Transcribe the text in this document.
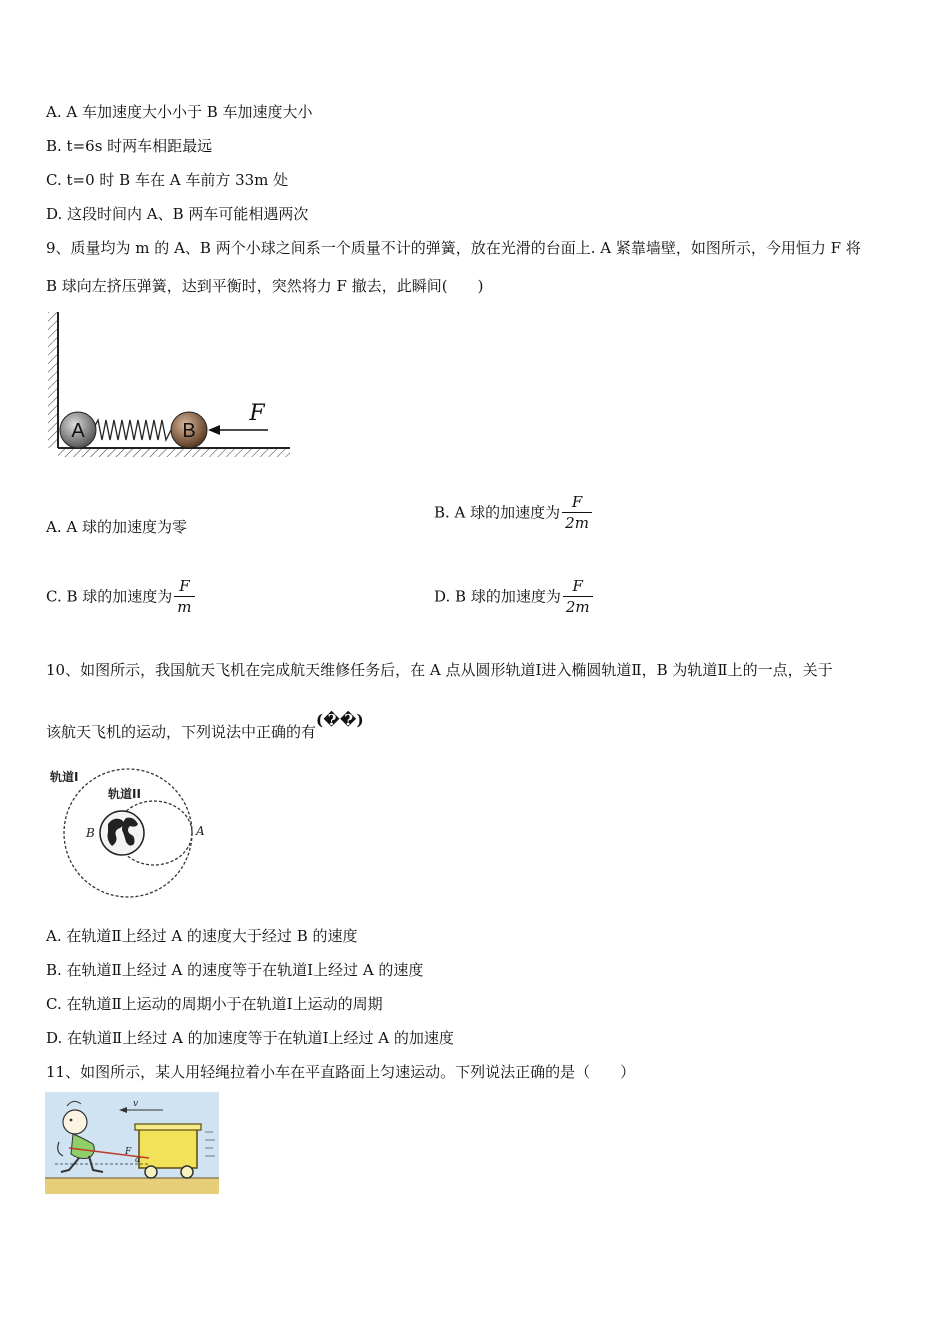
A. A 车加速度大小小于 B 车加速度大小
B. t=6s 时两车相距最远
C. t=0 时 B 车在 A 车前方 33m 处
D. 这段时间内 A、B 两车可能相遇两次
9、质量均为 m 的 A、B 两个小球之间系一个质量不计的弹簧，放在光滑的台面上. A 紧靠墙壁，如图所示，今用恒力 F 将
B 球向左挤压弹簧，达到平衡时，突然将力 F 撤去，此瞬间(　　)
A	B
F
A. A 球的加速度为零
B. A 球的加速度为 $\frac{F}{2m}$
C. B 球的加速度为 $\frac{F}{m}$	D. B 球的加速度为 $\frac{F}{2m}$
10、如图所示，我国航天飞机在完成航天维修任务后，在 A 点从圆形轨道Ⅰ进入椭圆轨道Ⅱ，B 为轨道Ⅱ上的一点，关于
该航天飞机的运动，下列说法中正确的有(��)
轨道I
轨道II
B	A
A. 在轨道Ⅱ上经过 A 的速度大于经过 B 的速度
B. 在轨道Ⅱ上经过 A 的速度等于在轨道Ⅰ上经过 A 的速度
C. 在轨道Ⅱ上运动的周期小于在轨道Ⅰ上运动的周期
D. 在轨道Ⅱ上经过 A 的加速度等于在轨道Ⅰ上经过 A 的加速度
11、如图所示，某人用轻绳拉着小车在平直路面上匀速运动。下列说法正确的是（　　）
v
F
α
